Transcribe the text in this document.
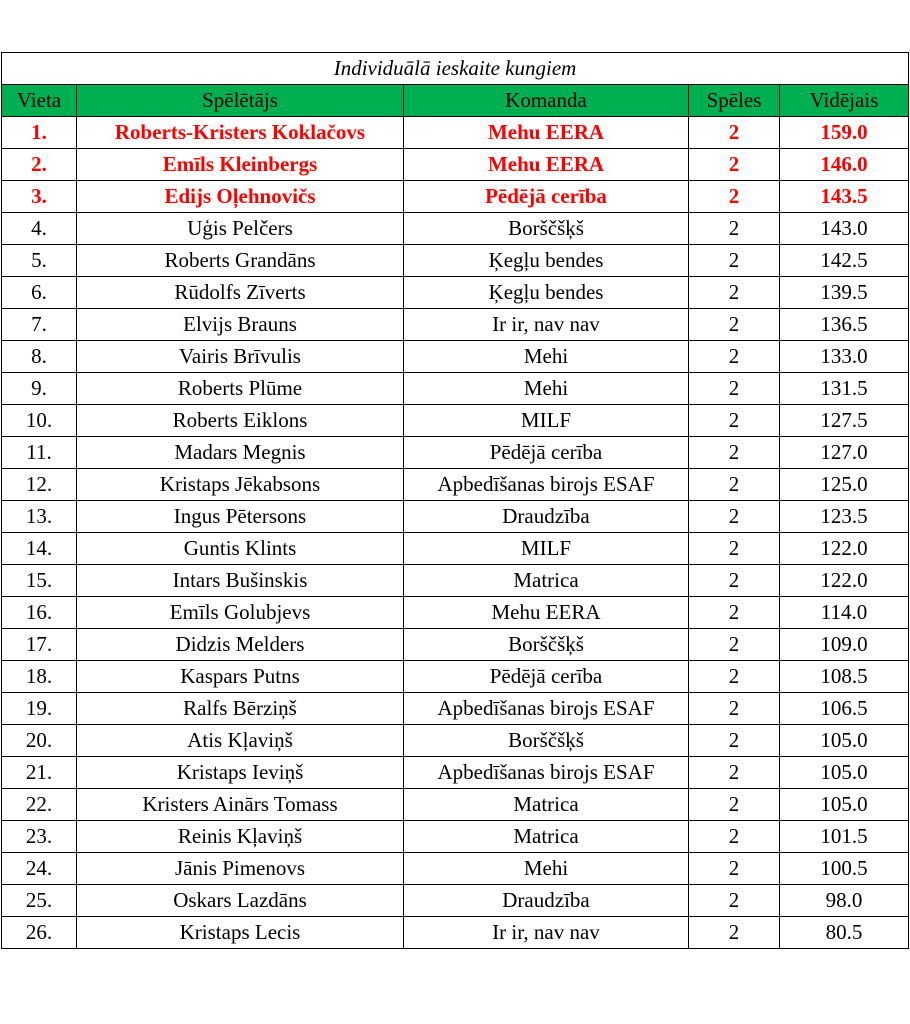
Individuālā ieskaite kungiem				
Vieta	Spēlētājs	Komanda	Spēles	Vidējais
1.	Roberts-Kristers Koklačovs	Mehu EERA	2	159.0
2.	Emīls Kleinbergs	Mehu EERA	2	146.0
3.	Edijs Oļehnovičs	Pēdējā cerība	2	143.5
4.	Uģis Pelčers	Borščšķš	2	143.0
5.	Roberts Grandāns	Ķegļu bendes	2	142.5
6.	Rūdolfs Zīverts	Ķegļu bendes	2	139.5
7.	Elvijs Brauns	Ir ir, nav nav	2	136.5
8.	Vairis Brīvulis	Mehi	2	133.0
9.	Roberts Plūme	Mehi	2	131.5
10.	Roberts Eiklons	MILF	2	127.5
11.	Madars Megnis	Pēdējā cerība	2	127.0
12.	Kristaps Jēkabsons	Apbedīšanas birojs ESAF	2	125.0
13.	Ingus Pētersons	Draudzība	2	123.5
14.	Guntis Klints	MILF	2	122.0
15.	Intars Bušinskis	Matrica	2	122.0
16.	Emīls Golubjevs	Mehu EERA	2	114.0
17.	Didzis Melders	Borščšķš	2	109.0
18.	Kaspars Putns	Pēdējā cerība	2	108.5
19.	Ralfs Bērziņš	Apbedīšanas birojs ESAF	2	106.5
20.	Atis Kļaviņš	Borščšķš	2	105.0
21.	Kristaps Ieviņš	Apbedīšanas birojs ESAF	2	105.0
22.	Kristers Ainārs Tomass	Matrica	2	105.0
23.	Reinis Kļaviņš	Matrica	2	101.5
24.	Jānis Pimenovs	Mehi	2	100.5
25.	Oskars Lazdāns	Draudzība	2	98.0
26.	Kristaps Lecis	Ir ir, nav nav	2	80.5
